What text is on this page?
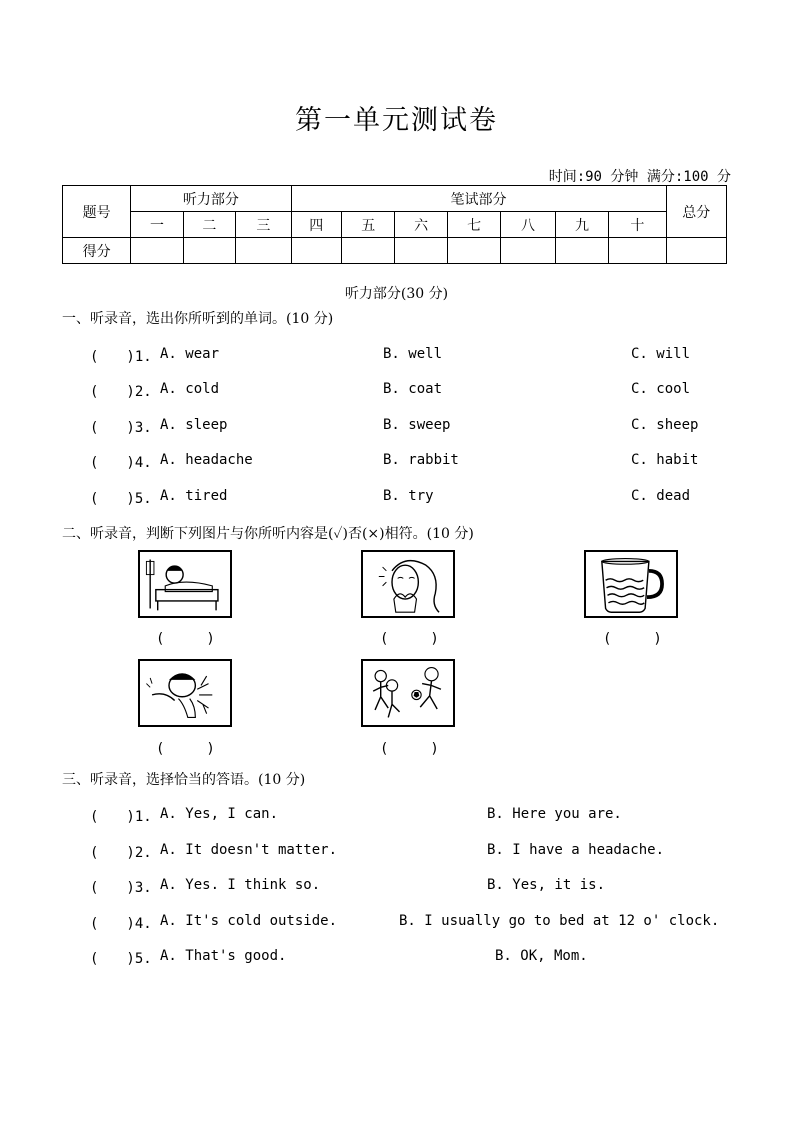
第一单元测试卷
时间:90 分钟 满分:100 分
题号	听力部分			笔试部分							总分
	一	二	三	四	五	六	七	八	九	十	
得分											
听力部分(30 分)
一、听录音，选出你所听到的单词。(10 分)
(　　)1. A. wear	B. well	C. will
(　　)2. A. cold	B. coat	C. cool
(　　)3. A. sleep	B. sweep	C. sheep
(　　)4. A. headache	B. rabbit	C. habit
(　　)5. A. tired	B. try	C. dead
二、听录音，判断下列图片与你所听内容是(✓)否(×)相符。(10 分)
(　　　)	(　　　)	(　　　)
(　　　)	(　　　)
三、听录音，选择恰当的答语。(10 分)
(　　)1. A. Yes, I can.	B. Here you are.
(　　)2. A. It doesn't matter.	B. I have a headache.
(　　)3. A. Yes. I think so.	B. Yes, it is.
(　　)4. A. It's cold outside.	B. I usually go to bed at 12 o' clock.
(　　)5. A. That's good.	B. OK, Mom.
